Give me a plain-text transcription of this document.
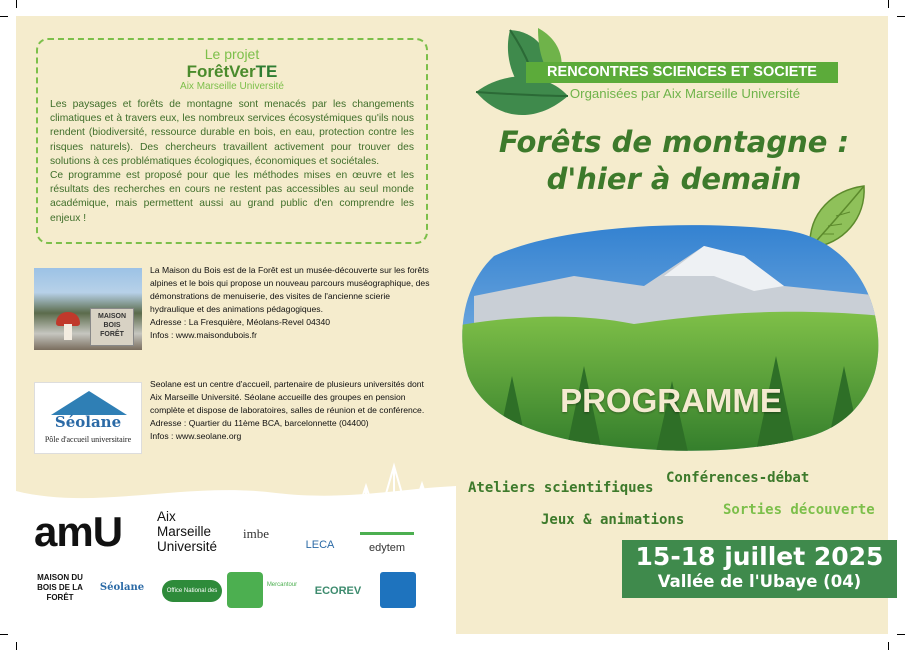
Le projet
ForêtVerTE
Aix Marseille Université

Les paysages et forêts de montagne sont menacés par les changements climatiques et à travers eux, les nombreux services écosystémiques qu'ils nous rendent (biodiversité, ressource durable en bois, en eau, protection contre les risques naturels). Des chercheurs travaillent activement pour trouver des solutions à ces problématiques écologiques, économiques et sociétales.

Ce programme est proposé pour que les méthodes mises en œuvre et les résultats des recherches en cours ne restent pas accessibles au seul monde académique, mais permettent aussi au grand public d'en comprendre les enjeux !

MAISON BOIS FORÊT
La Maison du Bois est de la Forêt est un musée-découverte sur les forêts alpines et le bois qui propose un nouveau parcours muséographique, des démonstrations de menuiserie, des visites de l'ancienne scierie hydraulique et des animations pédagogiques.
Adresse : La Fresquière, Méolans-Revel 04340
Infos : www.maisondubois.fr
Séolane
Pôle d'accueil universitaire
Seolane est un centre d'accueil, partenaire de plusieurs universités dont Aix Marseille Université. Séolane accueille des groupes en pension complète et dispose de laboratoires, salles de réunion et de conférence.
Adresse : Quartier du 11ème BCA, barcelonnette (04400)
Infos : www.seolane.org
amU	Aix
Marseille
Université
imbe
LECA	edytem
MAISON DU BOIS DE LA FORÊT
Séolane	Office National des Forêts
Mercantour	ECOREV
RENCONTRES SCIENCES ET SOCIETE
Organisées par Aix Marseille Université
Forêts de montagne :
d'hier à demain
PROGRAMME
Ateliers scientifiques
Conférences-débat
Jeux & animations
Sorties découverte
15-18 juillet 2025
Vallée de l'Ubaye (04)
